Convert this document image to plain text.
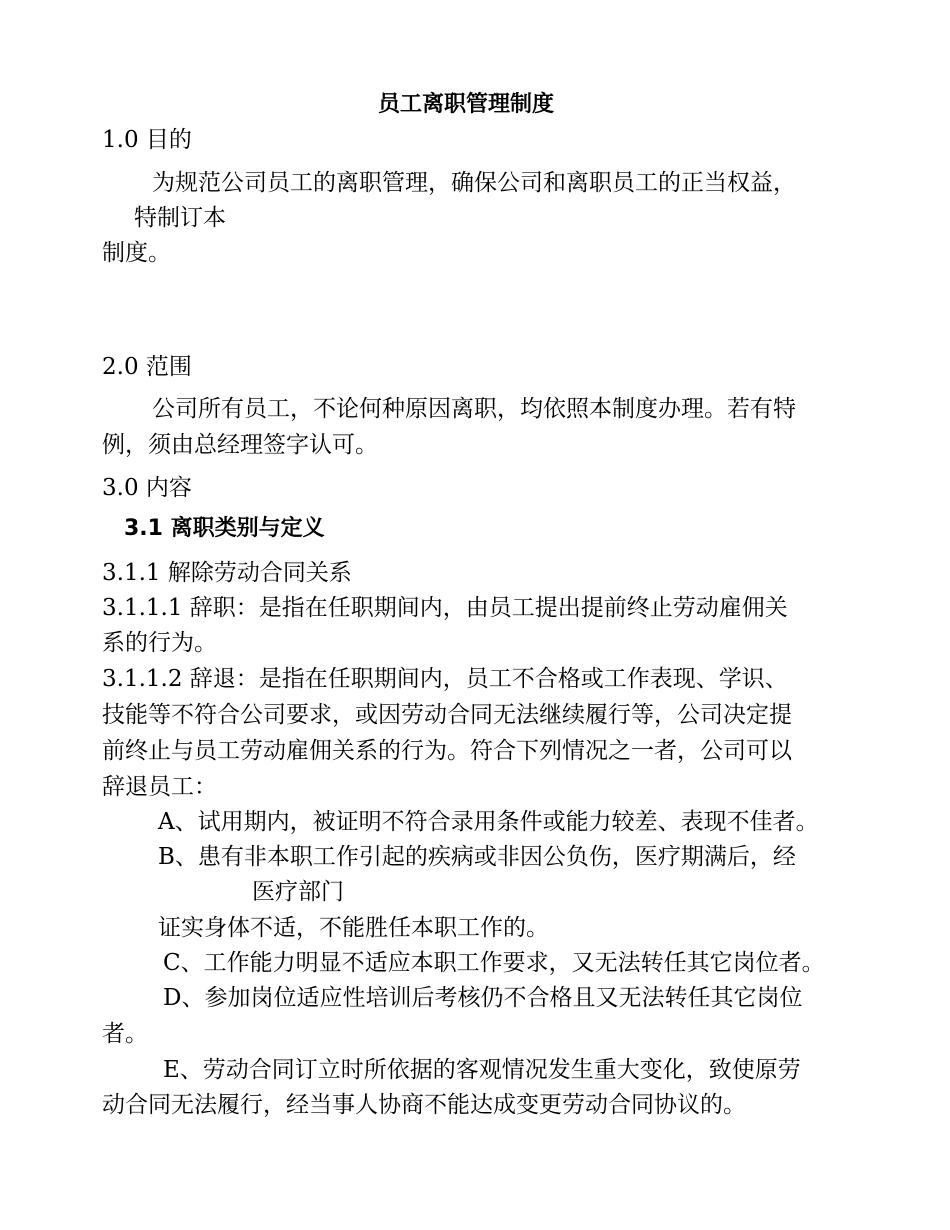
员工离职管理制度
1.0 目的
为规范公司员工的离职管理，确保公司和离职员工的正当权益，
特制订本
制度。
2.0 范围
公司所有员工，不论何种原因离职，均依照本制度办理。若有特
例，须由总经理签字认可。
3.0 内容
3.1 离职类别与定义
3.1.1 解除劳动合同关系
3.1.1.1 辞职：是指在任职期间内，由员工提出提前终止劳动雇佣关
系的行为。
3.1.1.2 辞退：是指在任职期间内，员工不合格或工作表现、学识、
技能等不符合公司要求，或因劳动合同无法继续履行等，公司决定提
前终止与员工劳动雇佣关系的行为。符合下列情况之一者，公司可以
辞退员工：
A、试用期内，被证明不符合录用条件或能力较差、表现不佳者。
B、患有非本职工作引起的疾病或非因公负伤，医疗期满后，经
医疗部门
证实身体不适，不能胜任本职工作的。
C、工作能力明显不适应本职工作要求，又无法转任其它岗位者。
D、参加岗位适应性培训后考核仍不合格且又无法转任其它岗位
者。
E、劳动合同订立时所依据的客观情况发生重大变化，致使原劳
动合同无法履行，经当事人协商不能达成变更劳动合同协议的。
